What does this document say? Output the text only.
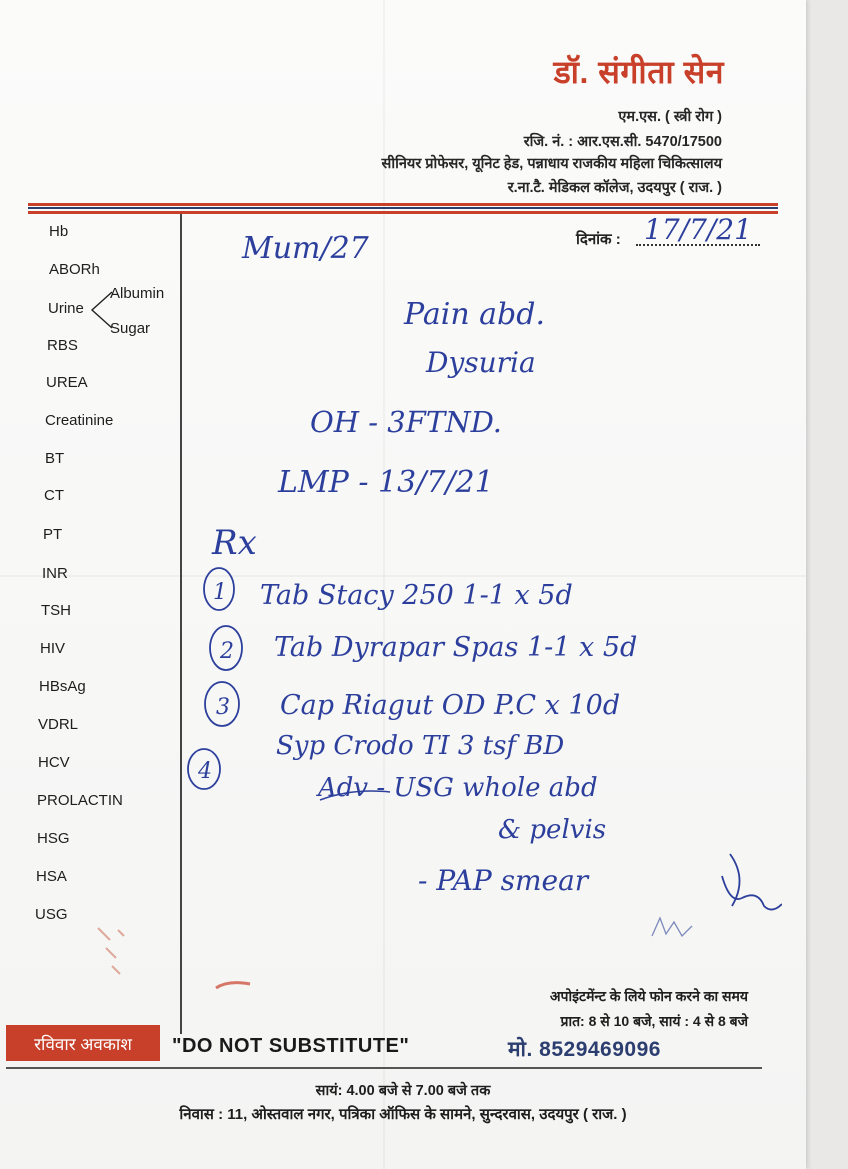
डॉ. संगीता सेन
एम.एस. ( स्त्री रोग )
रजि. नं. : आर.एस.सी. 5470/17500
सीनियर प्रोफेसर, यूनिट हेड, पन्नाधाय राजकीय महिला चिकित्सालय
र.ना.टै. मेडिकल कॉलेज, उदयपुर ( राज. )
दिनांक : 17/7/21
Hb
ABORh
Urine
Albumin
Sugar
RBS
UREA
Creatinine
BT
CT
PT
INR
TSH
HIV
HBsAg
VDRL
HCV
PROLACTIN
HSG
HSA
USG
Mum/27
Pain abd.
Dysuria
OH - 3FTND.
LMP - 13/7/21
Rx
1 Tab Stacy 250 1-1 x 5d
2 Tab Dyrapar Spas 1-1 x 5d
3 Cap Riagut OD P.C x 10d
4
Syp Crodo TI 3 tsf BD
Adv - USG whole abd
& pelvis
- PAP smear
अपोइंटमेंन्ट के लिये फोन करने का समय
प्रात: 8 से 10 बजे, सायं : 4 से 8 बजे
मो. 8529469096
रविवार अवकाश	"DO NOT SUBSTITUTE"
सायं: 4.00 बजे से 7.00 बजे तक
निवास : 11, ओस्तवाल नगर, पत्रिका ऑफिस के सामने, सुन्दरवास, उदयपुर ( राज. )
